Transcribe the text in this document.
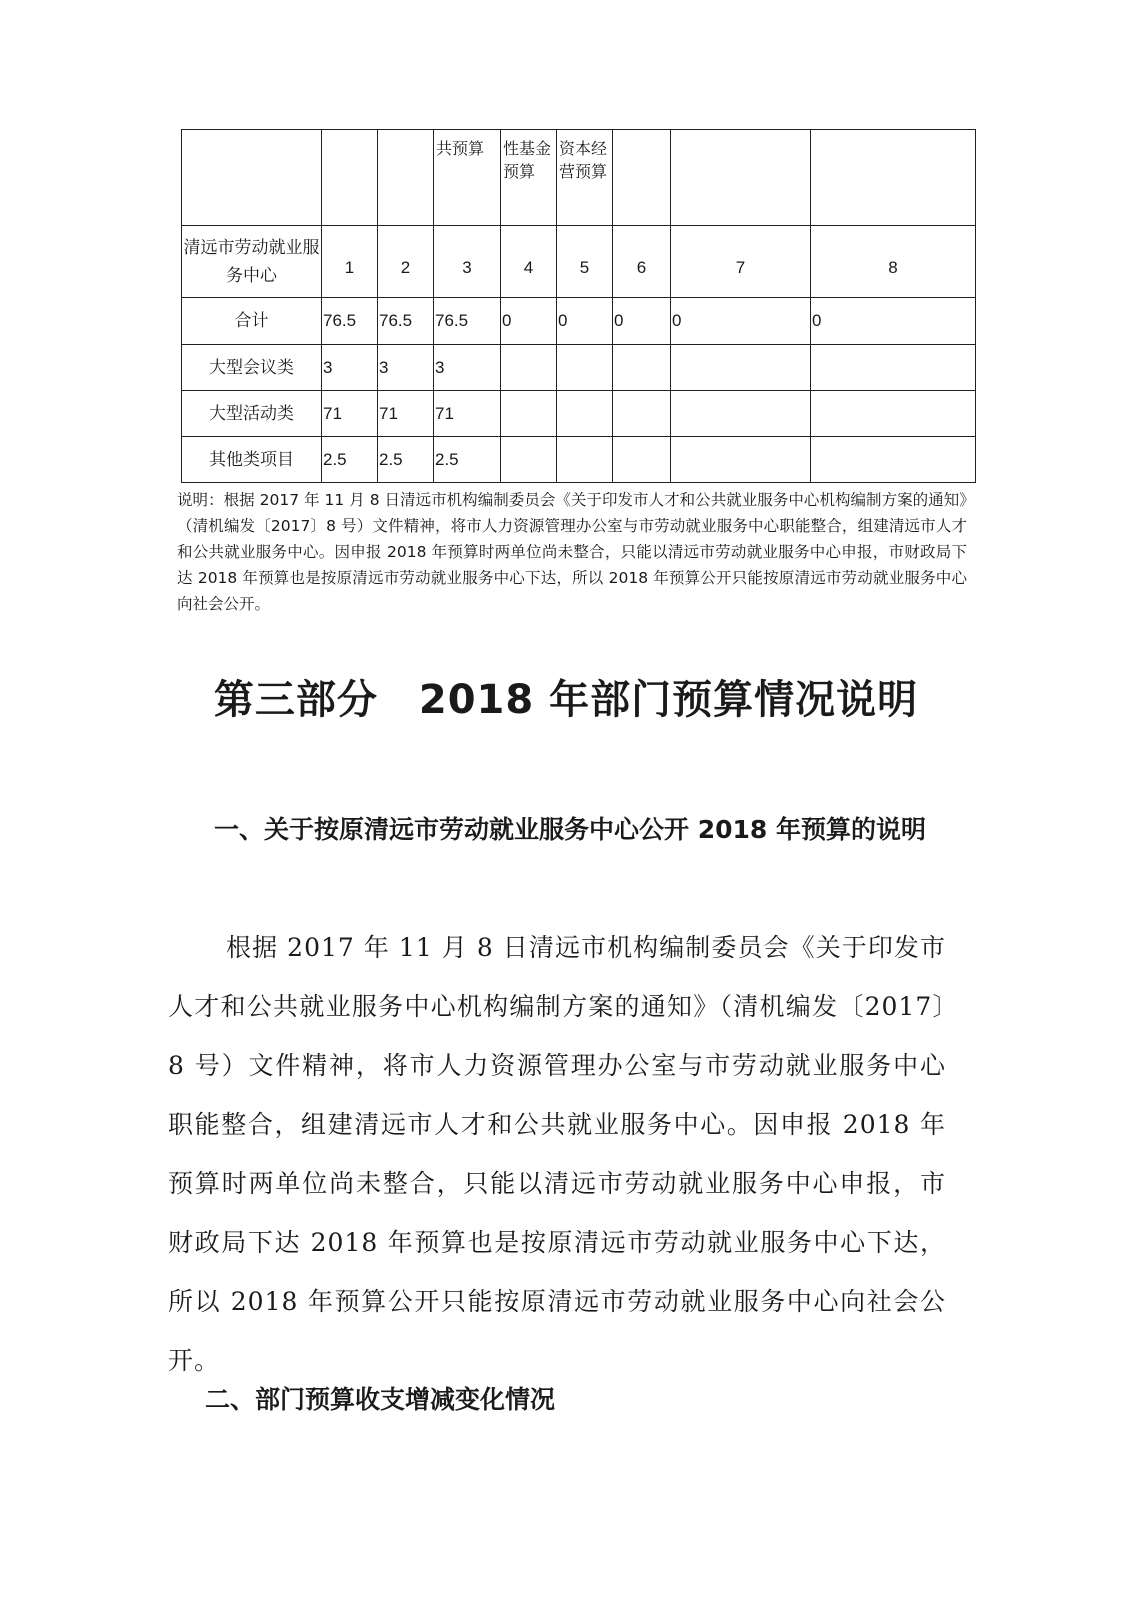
			共预算	性基金预算	资本经营预算			

清远市劳动就业服务中心	1	2	3	4	5	6	7	8
合计	76.5	76.5	76.5	0	0	0	0	0
大型会议类	3	3	3					
大型活动类	71	71	71					
其他类项目	2.5	2.5	2.5					
说明：根据 2017 年 11 月 8 日清远市机构编制委员会《关于印发市人才和公共就业服务中心机构编制方案的通知》（清机编发〔2017〕8 号）文件精神，将市人力资源管理办公室与市劳动就业服务中心职能整合，组建清远市人才和公共就业服务中心。因申报 2018 年预算时两单位尚未整合，只能以清远市劳动就业服务中心申报，市财政局下达 2018 年预算也是按原清远市劳动就业服务中心下达，所以 2018 年预算公开只能按原清远市劳动就业服务中心向社会公开。
第三部分　2018 年部门预算情况说明
一、关于按原清远市劳动就业服务中心公开 2018 年预算的说明
根据 2017 年 11 月 8 日清远市机构编制委员会《关于印发市人才和公共就业服务中心机构编制方案的通知》（清机编发〔2017〕8 号）文件精神，将市人力资源管理办公室与市劳动就业服务中心职能整合，组建清远市人才和公共就业服务中心。因申报 2018 年预算时两单位尚未整合，只能以清远市劳动就业服务中心申报，市财政局下达 2018 年预算也是按原清远市劳动就业服务中心下达，所以 2018 年预算公开只能按原清远市劳动就业服务中心向社会公开。
二、部门预算收支增减变化情况
